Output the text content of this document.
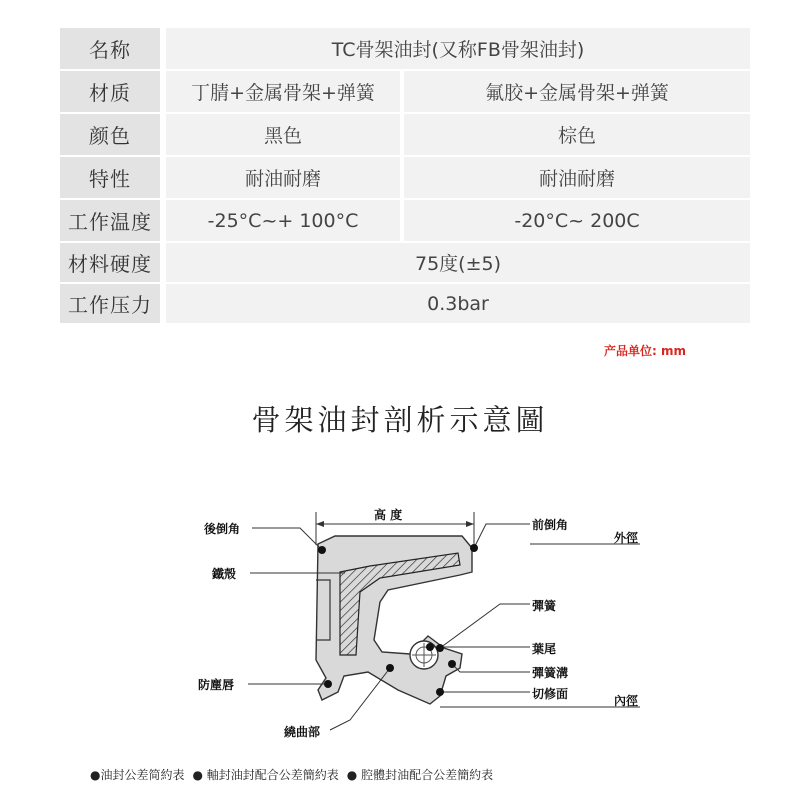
名称	TC骨架油封(又称FB骨架油封)
材质	丁腈+金属骨架+弹簧	氟胶+金属骨架+弹簧
颜色	黑色	棕色
特性	耐油耐磨	耐油耐磨
工作温度	-25°C~+ 100°C	-20°C~ 200C
材料硬度	75度(±5)
工作压力	0.3bar
产品单位: mm
骨架油封剖析示意圖
高 度
後倒角	前倒角
外徑
鐵殼
彈簧
葉尾
彈簧溝
切修面	內徑
防塵唇
繞曲部
●油封公差简約表 ● 軸封油封配合公差簡約表 ● 腔體封油配合公差簡約表
